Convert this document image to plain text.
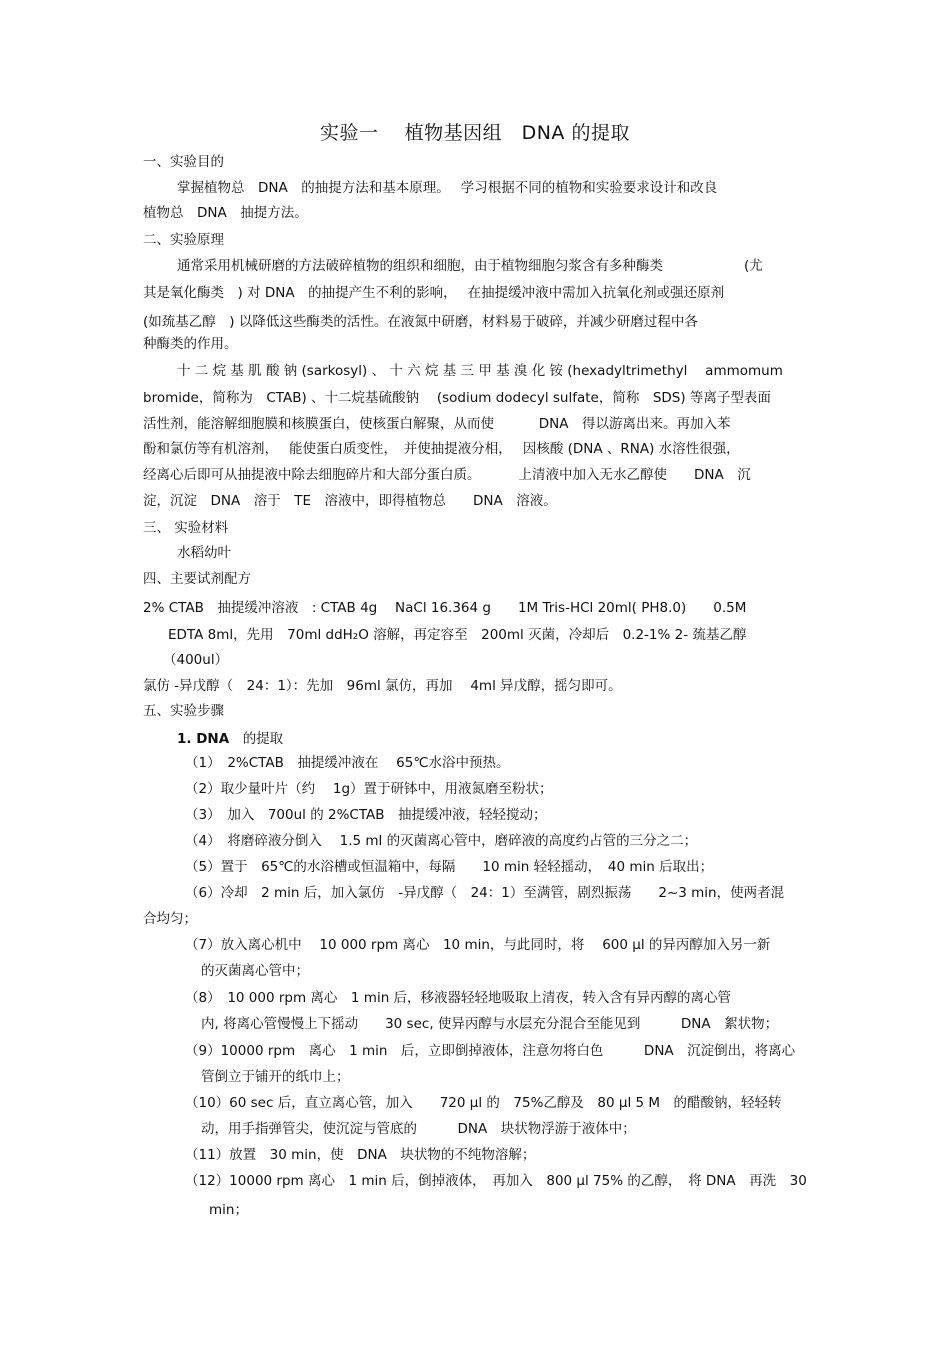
实验一　 植物基因组　DNA 的提取
一、实验目的
掌握植物总　DNA　的抽提方法和基本原理。　 学习根据不同的植物和实验要求设计和改良
植物总　DNA　抽提方法。
二、实验原理
通常采用机械研磨的方法破碎植物的组织和细胞，由于植物细胞匀浆含有多种酶类　　　　　　(尤
其是氧化酶类　) 对 DNA　的抽提产生不利的影响，　 在抽提缓冲液中需加入抗氧化剂或强还原剂
(如巯基乙醇　) 以降低这些酶类的活性。在液氮中研磨，材料易于破碎，并减少研磨过程中各
种酶类的作用。
十 二 烷 基 肌 酸 钠 (sarkosyl) 、 十 六 烷 基 三 甲 基 溴 化 铵 (hexadyltrimethyl　 ammomum
bromide，简称为　CTAB) 、十二烷基硫酸钠　 (sodium dodecyl sulfate，简称　SDS) 等离子型表面
活性剂，能溶解细胞膜和核膜蛋白，使核蛋白解聚，从而使　　　 DNA　得以游离出来。再加入苯
酚和氯仿等有机溶剂，　 能使蛋白质变性，　并使抽提液分相，　 因核酸 (DNA 、RNA) 水溶性很强，
经离心后即可从抽提液中除去细胞碎片和大部分蛋白质。　　　 上清液中加入无水乙醇使　　DNA　沉
淀，沉淀　DNA　溶于　TE　溶液中，即得植物总　　DNA　溶液。
三、 实验材料
水稻幼叶
四、主要试剂配方
2% CTAB　抽提缓冲溶液　: CTAB 4g　 NaCl 16.364 g　　1M Tris-HCl 20ml( PH8.0)　　0.5M
EDTA 8ml，先用　70ml ddH₂O 溶解，再定容至　200ml 灭菌，冷却后　0.2-1% 2- 巯基乙醇
（400ul）
氯仿 -异戊醇（　24：1）：先加　96ml 氯仿，再加　 4ml 异戊醇，摇匀即可。
五、实验步骤
1. DNA　 的提取
（1）　2%CTAB　抽提缓冲液在　 65℃水浴中预热。
（2）取少量叶片（约　 1g）置于研钵中，用液氮磨至粉状；
（3）　加入　700ul 的 2%CTAB　抽提缓冲液，轻轻搅动；
（4）　将磨碎液分倒入　 1.5 ml 的灭菌离心管中，磨碎液的高度约占管的三分之二；
（5）置于　65℃的水浴槽或恒温箱中，每隔　　10 min 轻轻摇动，　40 min 后取出；
（6）冷却　2 min 后，加入氯仿　-异戊醇（　24：1）至满管，剧烈振荡　　2~3 min，使两者混
合均匀；
（7）放入离心机中　 10 000 rpm 离心　10 min，与此同时，将　 600 μl 的异丙醇加入另一新
的灭菌离心管中；
（8）　10 000 rpm 离心　1 min 后，移液器轻轻地吸取上清夜，转入含有异丙醇的离心管
内, 将离心管慢慢上下摇动　　30 sec, 使异丙醇与水层充分混合至能见到　　　DNA　絮状物；
（9）10000 rpm　离心　1 min　后，立即倒掉液体，注意勿将白色　　　DNA　沉淀倒出，将离心
管倒立于铺开的纸巾上；
（10）60 sec 后，直立离心管，加入　　720 μl 的　75%乙醇及　80 μl 5 M　的醋酸钠，轻轻转
动，用手指弹管尖，使沉淀与管底的　　　DNA　块状物浮游于液体中；
（11）放置　30 min，使　DNA　块状物的不纯物溶解；
（12）10000 rpm 离心　1 min 后，倒掉液体，　再加入　800 μl 75% 的乙醇，　将 DNA　再洗　30
min；
